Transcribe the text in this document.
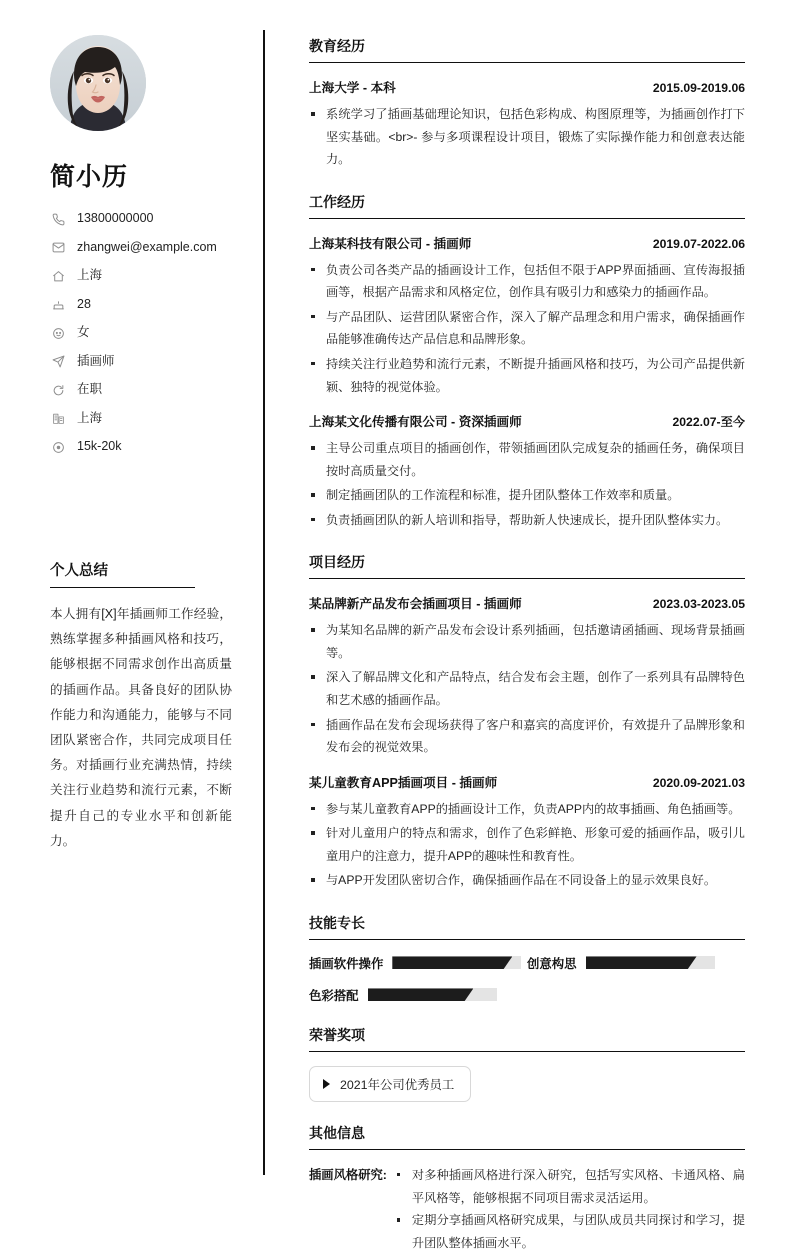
简小历
13800000000
zhangwei@example.com
上海
28
女
插画师
在职
上海
15k-20k
个人总结

本人拥有[X]年插画师工作经验，熟练掌握多种插画风格和技巧，能够根据不同需求创作出高质量的插画作品。具备良好的团队协作能力和沟通能力，能够与不同团队紧密合作，共同完成项目任务。对插画行业充满热情，持续关注行业趋势和流行元素，不断提升自己的专业水平和创新能力。

教育经历
上海大学 - 本科	2015.09-2019.06
系统学习了插画基础理论知识，包括色彩构成、构图原理等，为插画创作打下坚实基础。<br>- 参与多项课程设计项目，锻炼了实际操作能力和创意表达能力。
工作经历
上海某科技有限公司 - 插画师	2019.07-2022.06
负责公司各类产品的插画设计工作，包括但不限于APP界面插画、宣传海报插画等，根据产品需求和风格定位，创作具有吸引力和感染力的插画作品。
与产品团队、运营团队紧密合作，深入了解产品理念和用户需求，确保插画作品能够准确传达产品信息和品牌形象。
持续关注行业趋势和流行元素，不断提升插画风格和技巧，为公司产品提供新颖、独特的视觉体验。
上海某文化传播有限公司 - 资深插画师	2022.07-至今
主导公司重点项目的插画创作，带领插画团队完成复杂的插画任务，确保项目按时高质量交付。
制定插画团队的工作流程和标准，提升团队整体工作效率和质量。
负责插画团队的新人培训和指导，帮助新人快速成长，提升团队整体实力。
项目经历
某品牌新产品发布会插画项目 - 插画师	2023.03-2023.05
为某知名品牌的新产品发布会设计系列插画，包括邀请函插画、现场背景插画等。
深入了解品牌文化和产品特点，结合发布会主题，创作了一系列具有品牌特色和艺术感的插画作品。
插画作品在发布会现场获得了客户和嘉宾的高度评价，有效提升了品牌形象和发布会的视觉效果。
某儿童教育APP插画项目 - 插画师	2020.09-2021.03
参与某儿童教育APP的插画设计工作，负责APP内的故事插画、角色插画等。
针对儿童用户的特点和需求，创作了色彩鲜艳、形象可爱的插画作品，吸引儿童用户的注意力，提升APP的趣味性和教育性。
与APP开发团队密切合作，确保插画作品在不同设备上的显示效果良好。
技能专长
插画软件操作	创意构思
色彩搭配
荣誉奖项
2021年公司优秀员工
其他信息
插画风格研究:	对多种插画风格进行深入研究，包括写实风格、卡通风格、扁平风格等，能够根据不同项目需求灵活运用。
定期分享插画风格研究成果，与团队成员共同探讨和学习，提升团队整体插画水平。
